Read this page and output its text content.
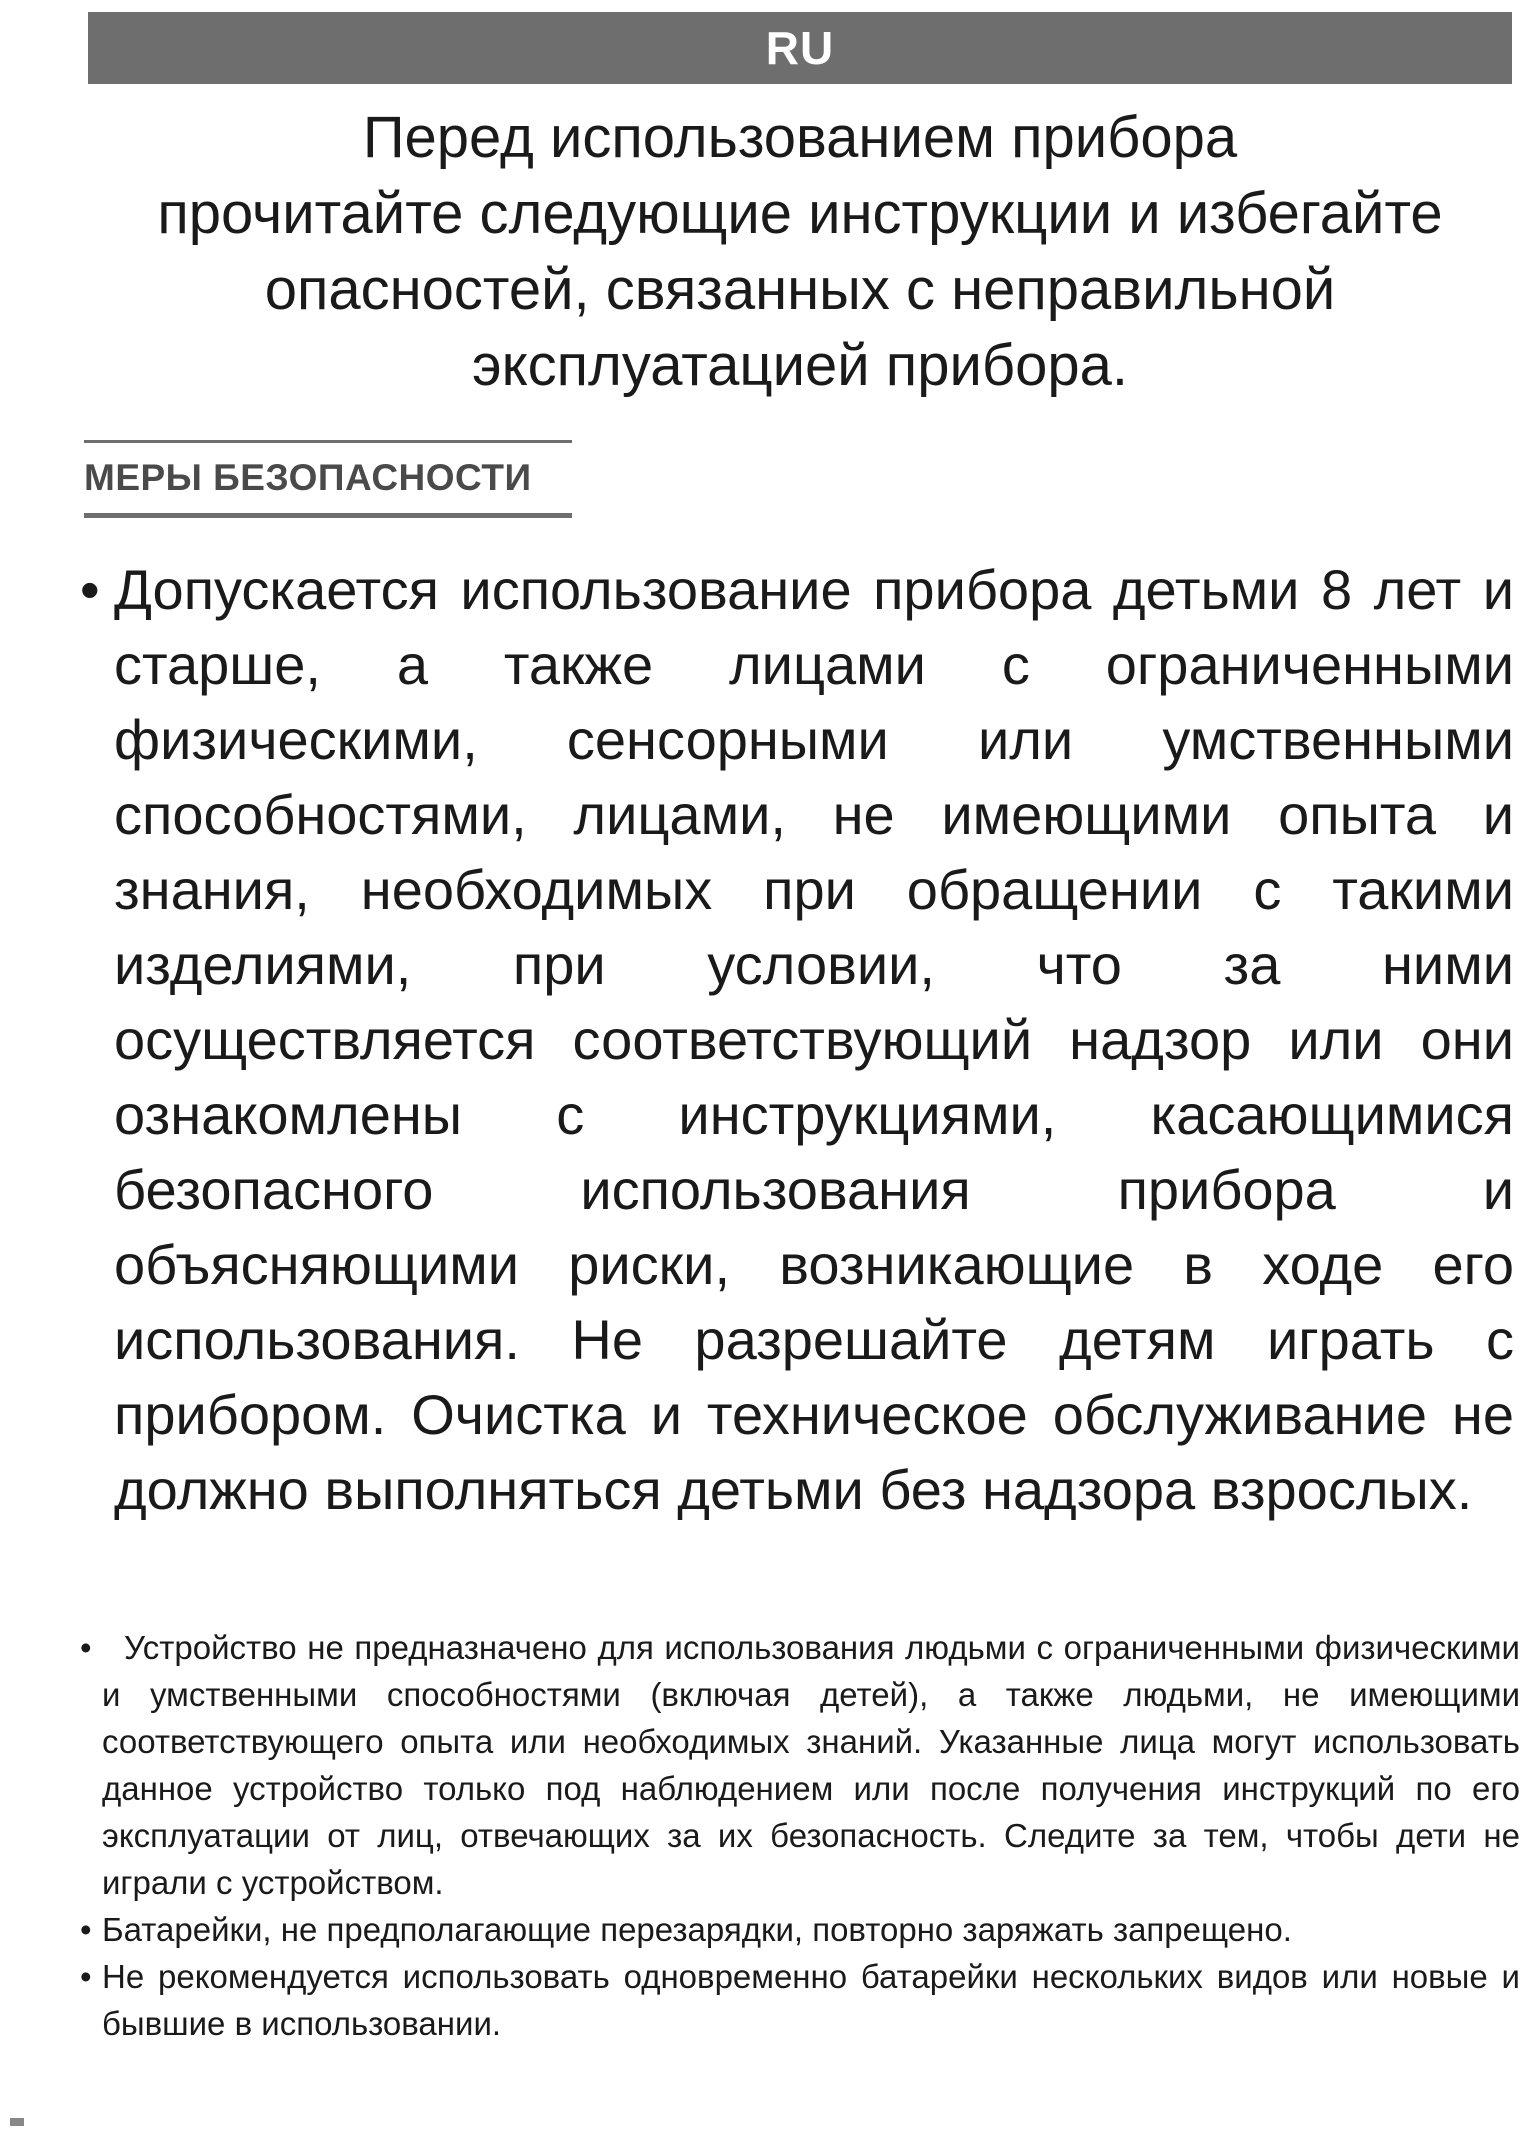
RU
Перед использованием прибора
прочитайте следующие инструкции и избегайте
опасностей, связанных с неправильной
эксплуатацией прибора.
МЕРЫ БЕЗОПАСНОСТИ
• Допускается использование прибора детьми 8 лет и старше, а также лицами с ограниченными физическими, сенсорными или умственными способностями, лицами, не имеющими опыта и знания, необходимых при обращении с такими изделиями, при условии, что за ними осуществляется соответствующий надзор или они ознакомлены с инструкциями, касающимися безопасного использования прибора и объясняющими риски, возникающие в ходе его использования. Не разрешайте детям играть с прибором. Очистка и техническое обслуживание не должно выполняться детьми без надзора взрослых.

• Устройство не предназначено для использования людьми с ограниченными физическими и умственными способностями (включая детей), а также людьми, не имеющими соответствующего опыта или необходимых знаний. Указанные лица могут использовать данное устройство только под наблюдением или после получения инструкций по его эксплуатации от лиц, отвечающих за их безопасность. Следите за тем, чтобы дети не играли с устройством.
• Батарейки, не предполагающие перезарядки, повторно заряжать запрещено.
• Не рекомендуется использовать одновременно батарейки нескольких видов или новые и бывшие в использовании.
